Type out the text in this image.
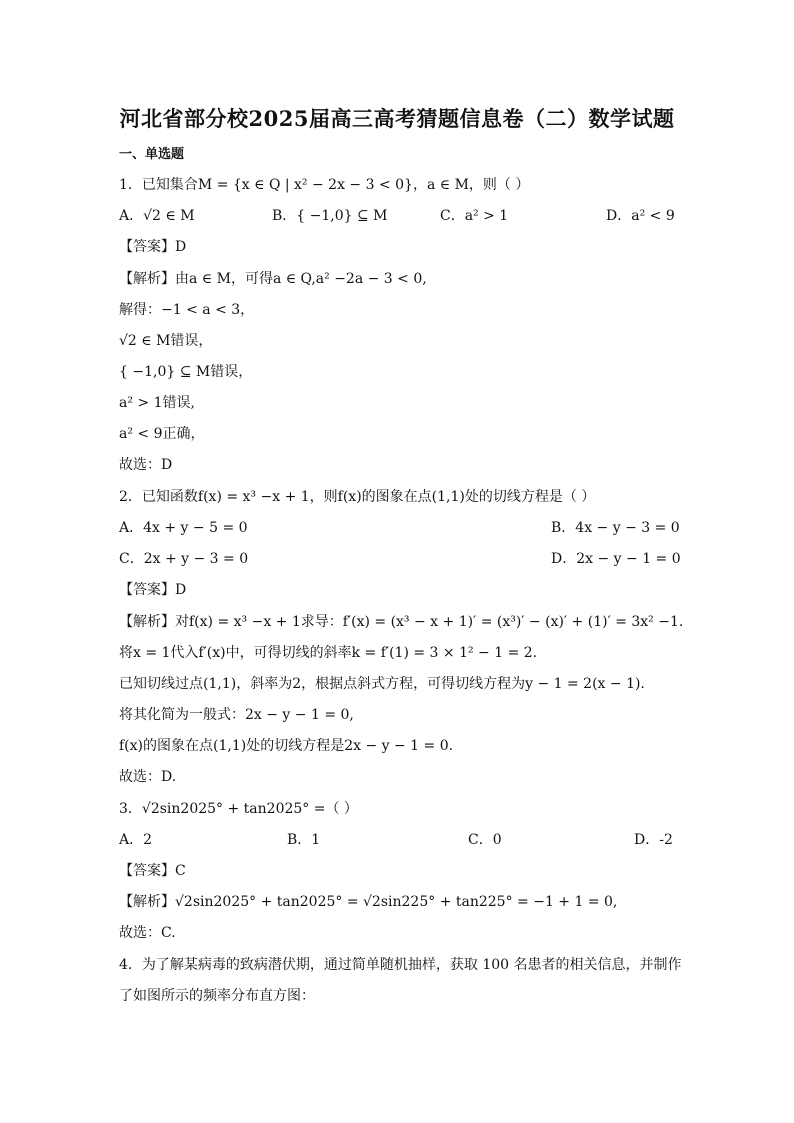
河北省部分校2025届高三高考猜题信息卷（二）数学试题
一、单选题
1．已知集合M = {x ∈ Q | x² − 2x − 3 < 0}，a ∈ M，则（ ）
A．√2 ∈ M	B．{ −1,0} ⊆ M	C．a² > 1	D．a² < 9
【答案】D
【解析】由a ∈ M，可得a ∈ Q,a² −2a − 3 < 0,
解得：−1 < a < 3，
√2 ∈ M错误，
{ −1,0} ⊆ M错误，
a² > 1错误,
a² < 9正确，
故选：D
2．已知函数f(x) = x³ −x + 1，则f(x)的图象在点(1,1)处的切线方程是（ ）
A．4x + y − 5 = 0	B．4x − y − 3 = 0
C．2x + y − 3 = 0	D．2x − y − 1 = 0
【答案】D
【解析】对f(x) = x³ −x + 1求导：f′(x) = (x³ − x + 1)′ = (x³)′ − (x)′ + (1)′ = 3x² −1.
将x = 1代入f′(x)中，可得切线的斜率k = f′(1) = 3 × 1² − 1 = 2.
已知切线过点(1,1)，斜率为2，根据点斜式方程，可得切线方程为y − 1 = 2(x − 1).
将其化简为一般式：2x − y − 1 = 0,
f(x)的图象在点(1,1)处的切线方程是2x − y − 1 = 0.
故选：D.
3．√2sin2025° + tan2025° =（ ）
A．2	B．1	C．0	D．-2
【答案】C
【解析】√2sin2025° + tan2025° = √2sin225° + tan225° = −1 + 1 = 0,
故选：C.
4．为了解某病毒的致病潜伏期，通过简单随机抽样，获取 100 名患者的相关信息，并制作
了如图所示的频率分布直方图：
